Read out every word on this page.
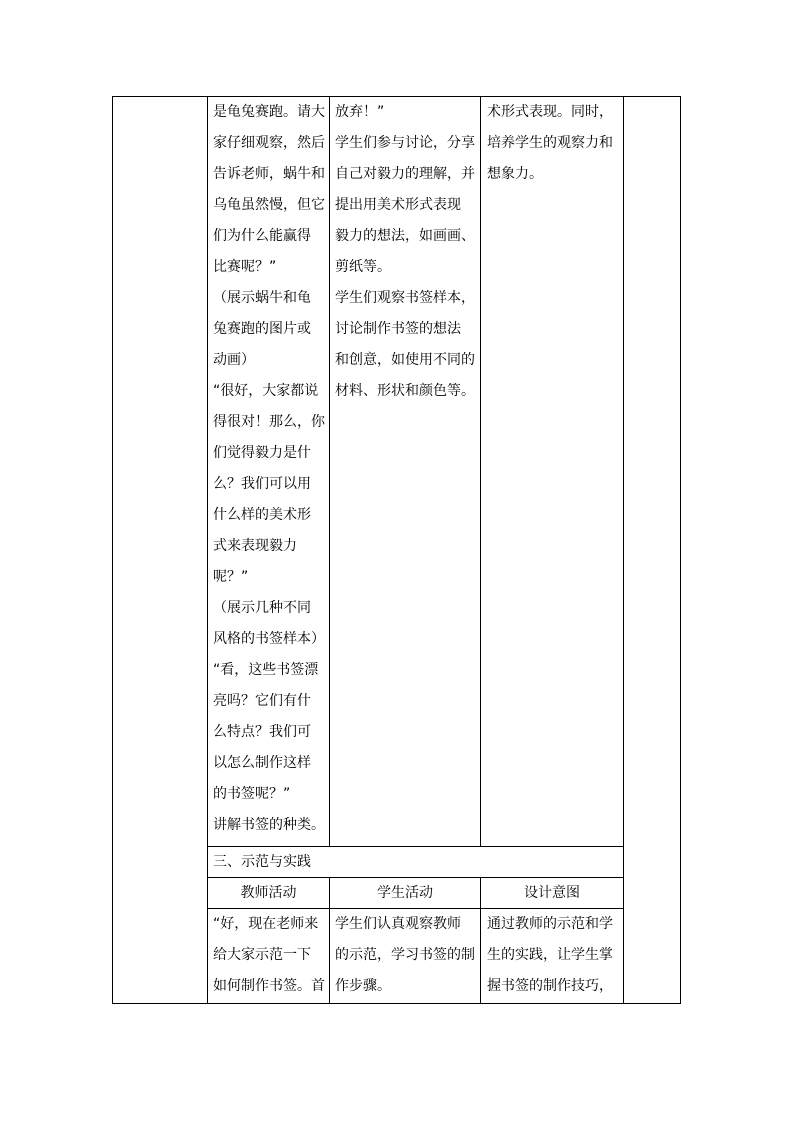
是龟兔赛跑。请大

家仔细观察，然后

告诉老师，蜗牛和

乌龟虽然慢，但它

们为什么能赢得

比赛呢？”

（展示蜗牛和龟

兔赛跑的图片或

动画）

“很好，大家都说

得很对！那么，你

们觉得毅力是什

么？我们可以用

什么样的美术形

式来表现毅力

呢？”

（展示几种不同

风格的书签样本）

“看，这些书签漂

亮吗？它们有什

么特点？我们可

以怎么制作这样

的书签呢？”

讲解书签的种类。

放弃！”

学生们参与讨论，分享

自己对毅力的理解，并

提出用美术形式表现

毅力的想法，如画画、

剪纸等。

学生们观察书签样本，

讨论制作书签的想法

和创意，如使用不同的

材料、形状和颜色等。

术形式表现。同时，

培养学生的观察力和

想象力。

三、示范与实践

教师活动	学生活动	设计意图

“好，现在老师来

给大家示范一下

如何制作书签。首

学生们认真观察教师

的示范，学习书签的制

作步骤。

通过教师的示范和学

生的实践，让学生掌

握书签的制作技巧，
